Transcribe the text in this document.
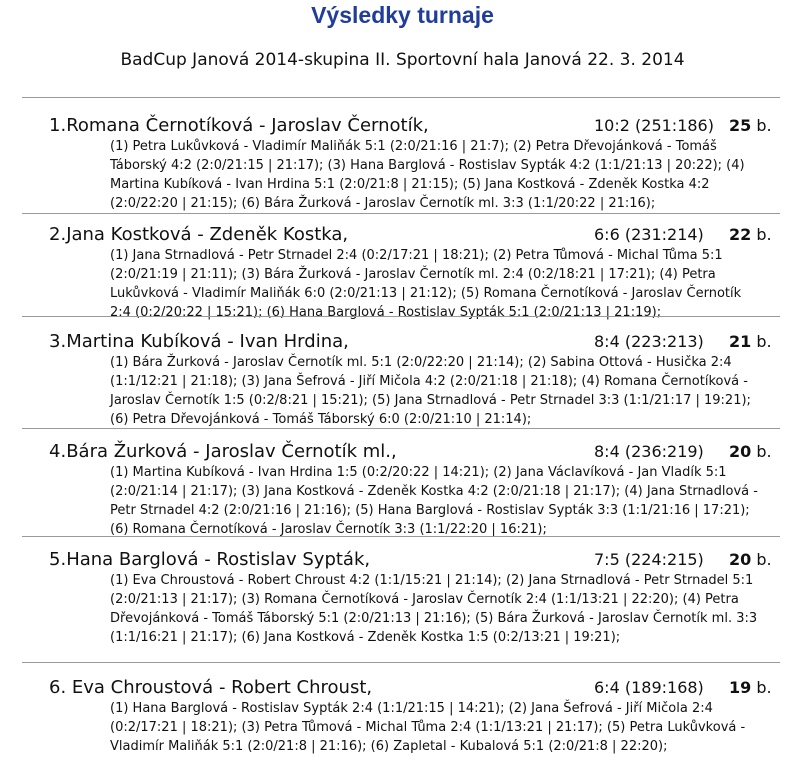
Výsledky turnaje
BadCup Janová 2014-skupina II. Sportovní hala Janová 22. 3. 2014
1.Romana Černotíková - Jaroslav Černotík,	10:2 (251:186) 25 b.
(1) Petra Lukůvková - Vladimír Maliňák 5:1 (2:0/21:16 | 21:7); (2) Petra Dřevojánková - Tomáš Táborský 4:2 (2:0/21:15 | 21:17); (3) Hana Barglová - Rostislav Sypták 4:2 (1:1/21:13 | 20:22); (4) Martina Kubíková - Ivan Hrdina 5:1 (2:0/21:8 | 21:15); (5) Jana Kostková - Zdeněk Kostka 4:2 (2:0/22:20 | 21:15); (6) Bára Žurková - Jaroslav Černotík ml. 3:3 (1:1/20:22 | 21:16);
2.Jana Kostková - Zdeněk Kostka,	6:6 (231:214) 22 b.
(1) Jana Strnadlová - Petr Strnadel 2:4 (0:2/17:21 | 18:21); (2) Petra Tůmová - Michal Tůma 5:1 (2:0/21:19 | 21:11); (3) Bára Žurková - Jaroslav Černotík ml. 2:4 (0:2/18:21 | 17:21); (4) Petra Lukůvková - Vladimír Maliňák 6:0 (2:0/21:13 | 21:12); (5) Romana Černotíková - Jaroslav Černotík 2:4 (0:2/20:22 | 15:21); (6) Hana Barglová - Rostislav Sypták 5:1 (2:0/21:13 | 21:19);
3.Martina Kubíková - Ivan Hrdina,	8:4 (223:213) 21 b.
(1) Bára Žurková - Jaroslav Černotík ml. 5:1 (2:0/22:20 | 21:14); (2) Sabina Ottová - Husička 2:4 (1:1/12:21 | 21:18); (3) Jana Šefrová - Jiří Mičola 4:2 (2:0/21:18 | 21:18); (4) Romana Černotíková - Jaroslav Černotík 1:5 (0:2/8:21 | 15:21); (5) Jana Strnadlová - Petr Strnadel 3:3 (1:1/21:17 | 19:21); (6) Petra Dřevojánková - Tomáš Táborský 6:0 (2:0/21:10 | 21:14);
4.Bára Žurková - Jaroslav Černotík ml.,	8:4 (236:219) 20 b.
(1) Martina Kubíková - Ivan Hrdina 1:5 (0:2/20:22 | 14:21); (2) Jana Václavíková - Jan Vladík 5:1 (2:0/21:14 | 21:17); (3) Jana Kostková - Zdeněk Kostka 4:2 (2:0/21:18 | 21:17); (4) Jana Strnadlová - Petr Strnadel 4:2 (2:0/21:16 | 21:16); (5) Hana Barglová - Rostislav Sypták 3:3 (1:1/21:16 | 17:21); (6) Romana Černotíková - Jaroslav Černotík 3:3 (1:1/22:20 | 16:21);
5.Hana Barglová - Rostislav Sypták,	7:5 (224:215) 20 b.
(1) Eva Chroustová - Robert Chroust 4:2 (1:1/15:21 | 21:14); (2) Jana Strnadlová - Petr Strnadel 5:1 (2:0/21:13 | 21:17); (3) Romana Černotíková - Jaroslav Černotík 2:4 (1:1/13:21 | 22:20); (4) Petra Dřevojánková - Tomáš Táborský 5:1 (2:0/21:13 | 21:16); (5) Bára Žurková - Jaroslav Černotík ml. 3:3 (1:1/16:21 | 21:17); (6) Jana Kostková - Zdeněk Kostka 1:5 (0:2/13:21 | 19:21);
6. Eva Chroustová - Robert Chroust,	6:4 (189:168) 19 b.
(1) Hana Barglová - Rostislav Sypták 2:4 (1:1/21:15 | 14:21); (2) Jana Šefrová - Jiří Mičola 2:4 (0:2/17:21 | 18:21); (3) Petra Tůmová - Michal Tůma 2:4 (1:1/13:21 | 21:17); (5) Petra Lukůvková - Vladimír Maliňák 5:1 (2:0/21:8 | 21:16); (6) Zapletal - Kubalová 5:1 (2:0/21:8 | 22:20);
